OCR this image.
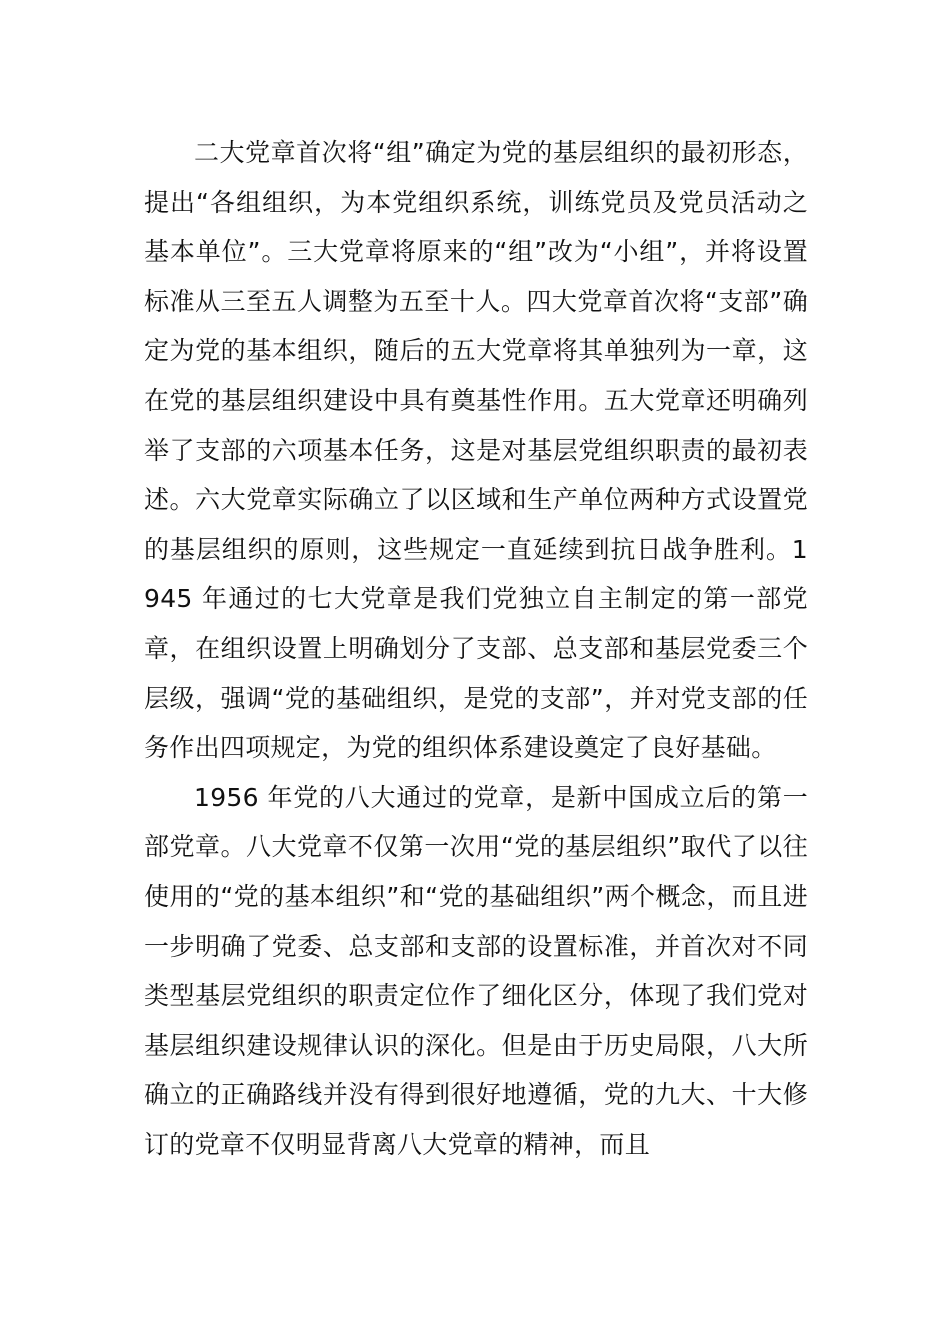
二大党章首次将“组”确定为党的基层组织的最初形态，提出“各组组织，为本党组织系统，训练党员及党员活动之基本单位”。三大党章将原来的“组”改为“小组”，并将设置标准从三至五人调整为五至十人。四大党章首次将“支部”确定为党的基本组织，随后的五大党章将其单独列为一章，这在党的基层组织建设中具有奠基性作用。五大党章还明确列举了支部的六项基本任务，这是对基层党组织职责的最初表述。六大党章实际确立了以区域和生产单位两种方式设置党的基层组织的原则，这些规定一直延续到抗日战争胜利。1945 年通过的七大党章是我们党独立自主制定的第一部党章，在组织设置上明确划分了支部、总支部和基层党委三个层级，强调“党的基础组织，是党的支部”，并对党支部的任务作出四项规定，为党的组织体系建设奠定了良好基础。

1956 年党的八大通过的党章，是新中国成立后的第一部党章。八大党章不仅第一次用“党的基层组织”取代了以往使用的“党的基本组织”和“党的基础组织”两个概念，而且进一步明确了党委、总支部和支部的设置标准，并首次对不同类型基层党组织的职责定位作了细化区分，体现了我们党对基层组织建设规律认识的深化。但是由于历史局限，八大所确立的正确路线并没有得到很好地遵循，党的九大、十大修订的党章不仅明显背离八大党章的精神，而且
